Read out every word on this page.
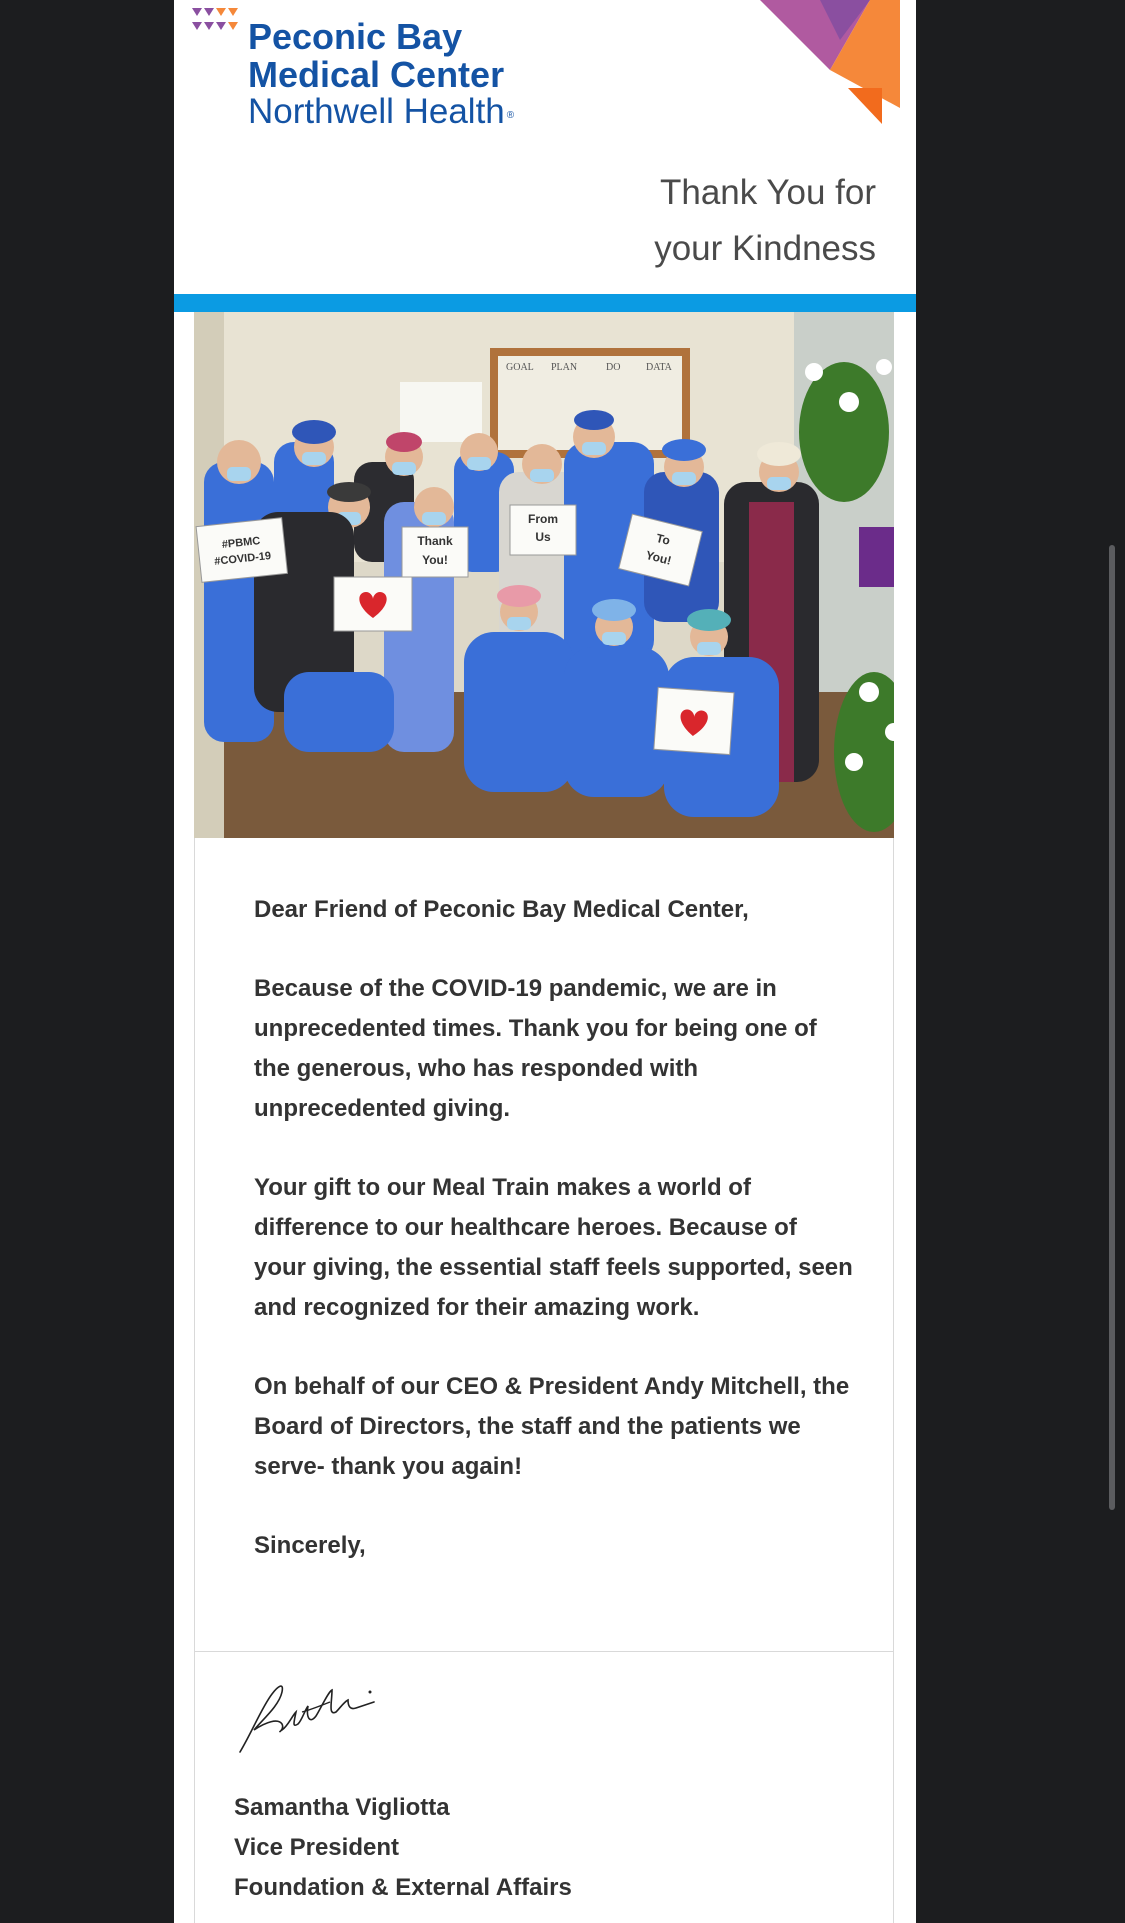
Peconic Bay
Medical Center
Northwell Health ®
Thank You for
your Kindness
GOAL PLAN	DO	DATA
#PBMC
#COVID-19
Thank
You!
From
Us	To
You!

Dear Friend of Peconic Bay Medical Center,

Because of the COVID-19 pandemic, we are in unprecedented times. Thank you for being one of the generous, who has responded with unprecedented giving.

Your gift to our Meal Train makes a world of difference to our healthcare heroes. Because of your giving, the essential staff feels supported, seen and recognized for their amazing work.

On behalf of our CEO & President Andy Mitchell, the Board of Directors, the staff and the patients we serve- thank you again!

Sincerely,

Samantha Vigliotta
Vice President
Foundation & External Affairs
